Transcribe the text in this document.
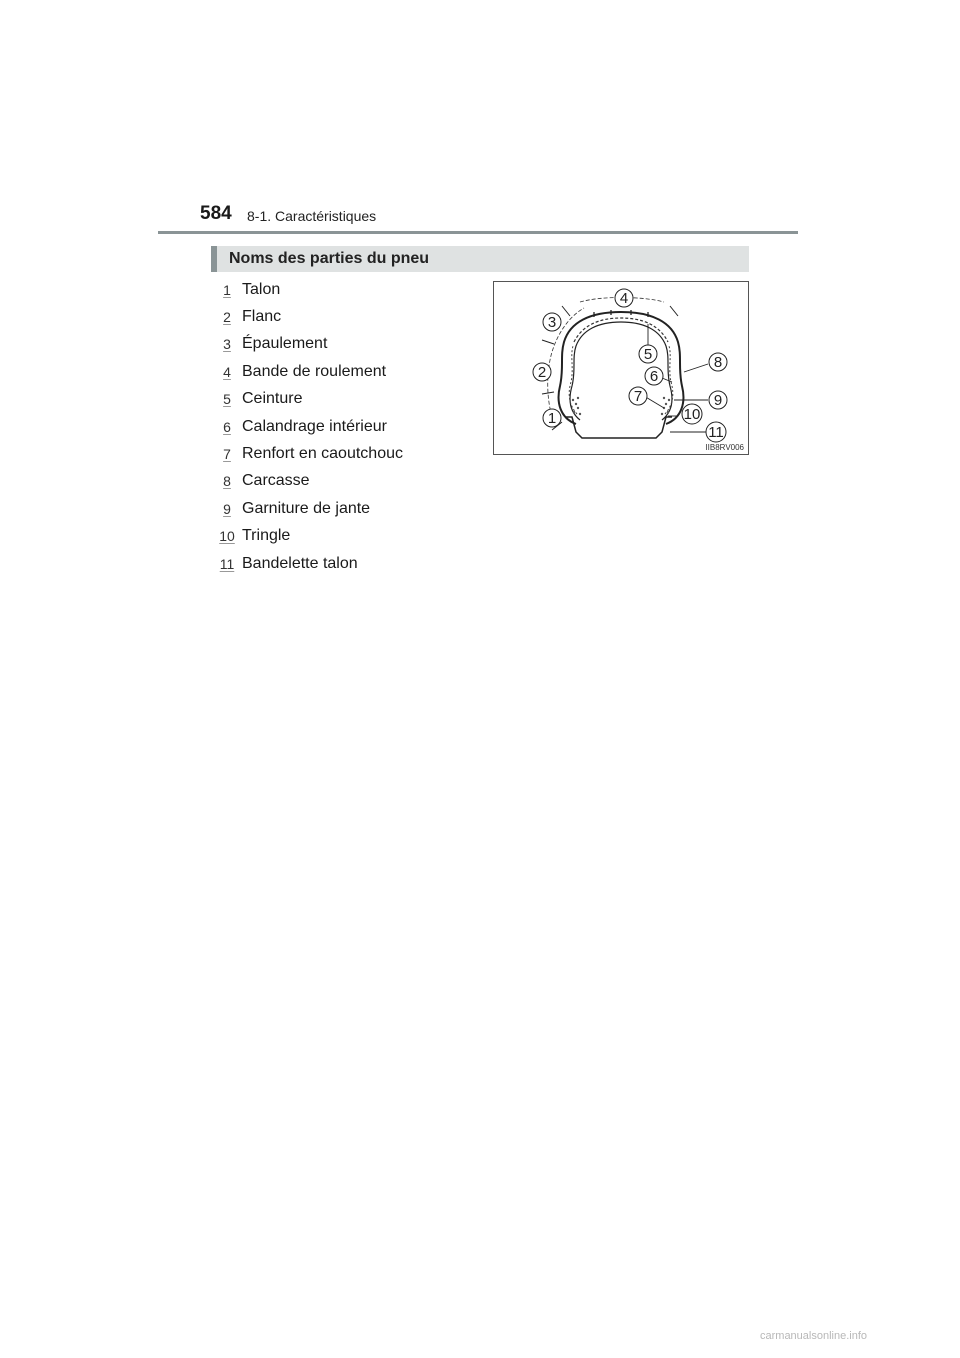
584 8-1. Caractéristiques
Noms des parties du pneu
1 Talon
2 Flanc
3 Épaulement
4 Bande de roulement
5 Ceinture
6 Calandrage intérieur
7 Renfort en caoutchouc
8 Carcasse
9 Garniture de jante
10 Tringle
11 Bandelette talon
1
2
3
4
5
6
7
8
9
10
11
IIB8RV006
carmanualsonline.info
